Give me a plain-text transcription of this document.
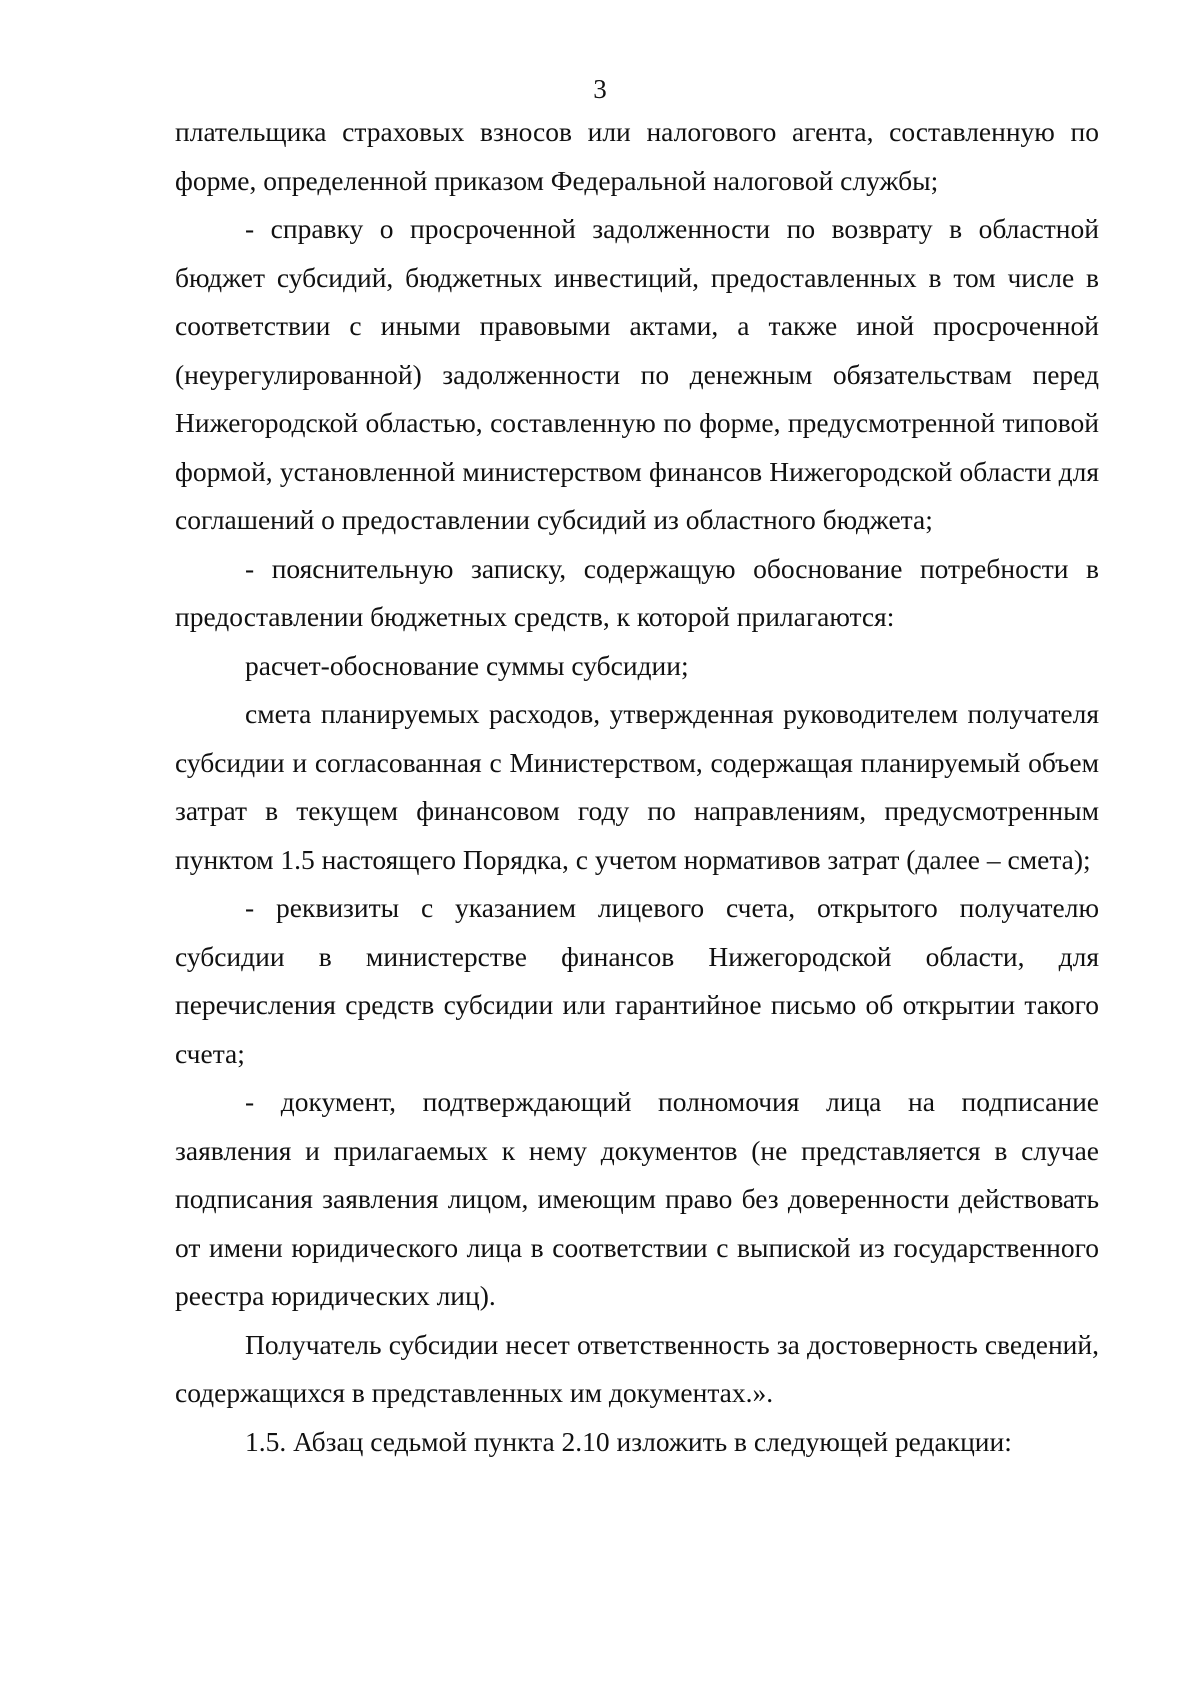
3

плательщика страховых взносов или налогового агента, составленную по форме, определенной приказом Федеральной налоговой службы;

- справку о просроченной задолженности по возврату в областной бюджет субсидий, бюджетных инвестиций, предоставленных в том числе в соответствии с иными правовыми актами, а также иной просроченной (неурегулированной) задолженности по денежным обязательствам перед Нижегородской областью, составленную по форме, предусмотренной типовой формой, установленной министерством финансов Нижегородской области для соглашений о предоставлении субсидий из областного бюджета;

- пояснительную записку, содержащую обоснование потребности в предоставлении бюджетных средств, к которой прилагаются:

расчет-обоснование суммы субсидии;

смета планируемых расходов, утвержденная руководителем получателя субсидии и согласованная с Министерством, содержащая планируемый объем затрат в текущем финансовом году по направлениям, предусмотренным пунктом 1.5 настоящего Порядка, с учетом нормативов затрат (далее – смета);

- реквизиты с указанием лицевого счета, открытого получателю субсидии в министерстве финансов Нижегородской области, для перечисления средств субсидии или гарантийное письмо об открытии такого счета;

- документ, подтверждающий полномочия лица на подписание заявления и прилагаемых к нему документов (не представляется в случае подписания заявления лицом, имеющим право без доверенности действовать от имени юридического лица в соответствии с выпиской из государственного реестра юридических лиц).

Получатель субсидии несет ответственность за достоверность сведений, содержащихся в представленных им документах.».

1.5. Абзац седьмой пункта 2.10 изложить в следующей редакции:
